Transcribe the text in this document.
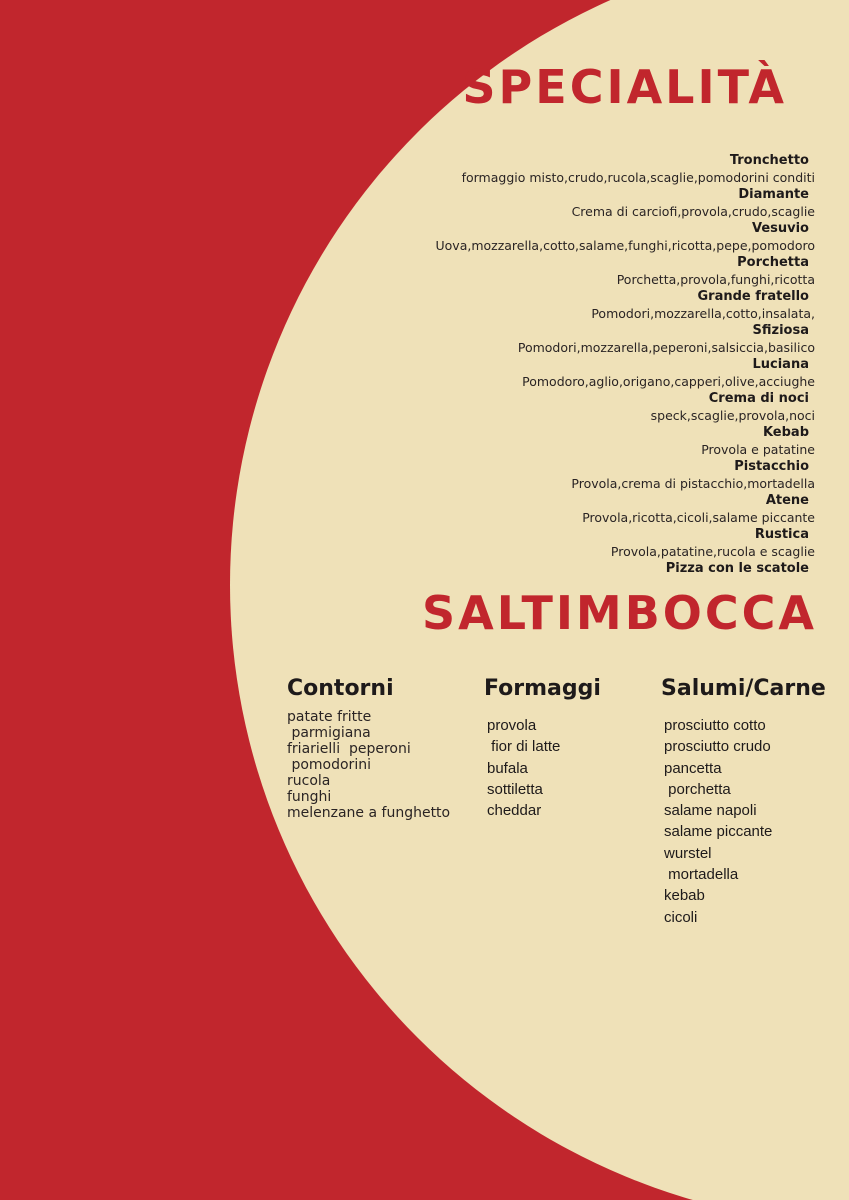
SPECIALITÀ
Tronchetto
formaggio misto,crudo,rucola,scaglie,pomodorini conditi
Diamante
Crema di carciofi,provola,crudo,scaglie
Vesuvio
Uova,mozzarella,cotto,salame,funghi,ricotta,pepe,pomodoro
Porchetta
Porchetta,provola,funghi,ricotta
Grande fratello
Pomodori,mozzarella,cotto,insalata,
Sfiziosa
Pomodori,mozzarella,peperoni,salsiccia,basilico
Luciana
Pomodoro,aglio,origano,capperi,olive,acciughe
Crema di noci
speck,scaglie,provola,noci
Kebab
Provola e patatine
Pistacchio
Provola,crema di pistacchio,mortadella
Atene
Provola,ricotta,cicoli,salame piccante
Rustica
Provola,patatine,rucola e scaglie
Pizza con le scatole
SALTIMBOCCA
Contorni
patate fritte
parmigiana
friarielli  peperoni
pomodorini
rucola
funghi
melenzane a funghetto
Formaggi
provola
fior di latte
bufala
sottiletta
cheddar
Salumi/Carne
prosciutto cotto
prosciutto crudo
pancetta
porchetta
salame napoli
salame piccante
wurstel
mortadella
kebab
cicoli
